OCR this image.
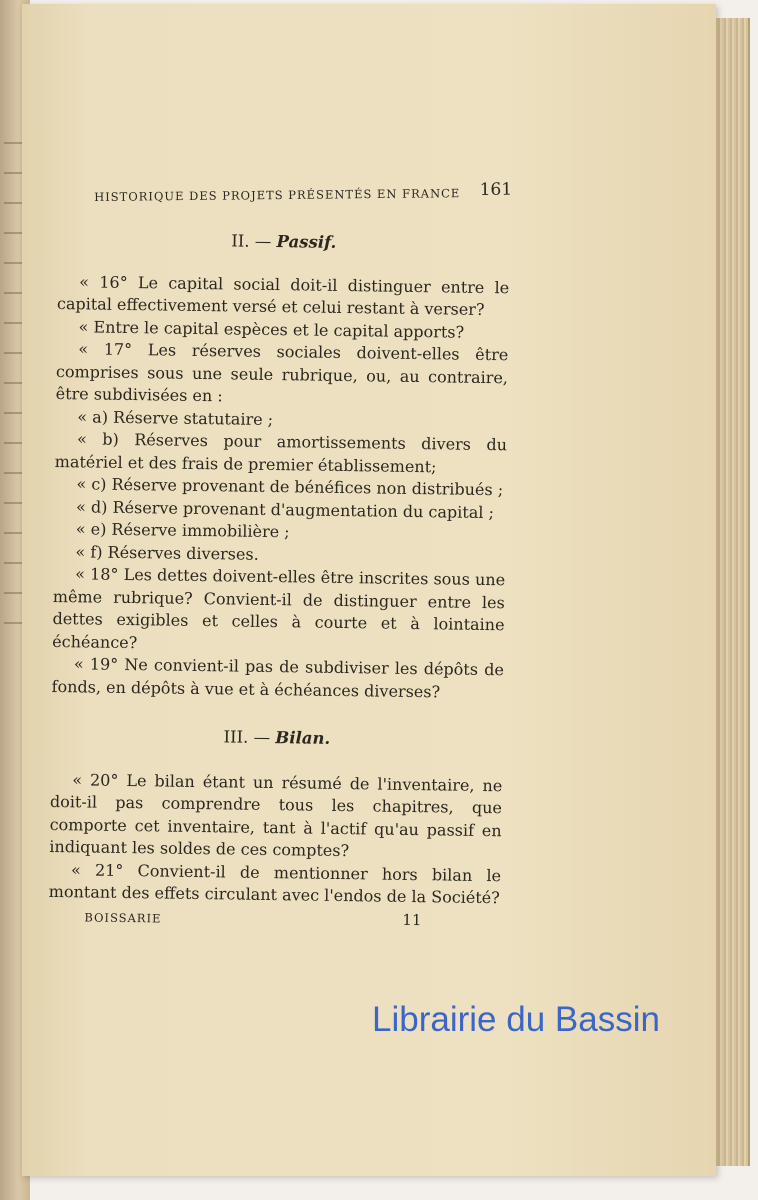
HISTORIQUE DES PROJETS PRÉSENTÉS EN FRANCE 161
II. — Passif.

« 16° Le capital social doit-il distinguer entre le capital effectivement versé et celui restant à verser?

« Entre le capital espèces et le capital apports?

« 17° Les réserves sociales doivent-elles être comprises sous une seule rubrique, ou, au contraire, être subdivisées en :

« a) Réserve statutaire ;

« b) Réserves pour amortissements divers du matériel et des frais de premier établissement;

« c) Réserve provenant de bénéfices non distribués ;

« d) Réserve provenant d'augmentation du capital ;

« e) Réserve immobilière ;

« f) Réserves diverses.

« 18° Les dettes doivent-elles être inscrites sous une même rubrique? Convient-il de distinguer entre les dettes exigibles et celles à courte et à lointaine échéance?

« 19° Ne convient-il pas de subdiviser les dépôts de fonds, en dépôts à vue et à échéances diverses?

III. — Bilan.

« 20° Le bilan étant un résumé de l'inventaire, ne doit-il pas comprendre tous les chapitres, que comporte cet inventaire, tant à l'actif qu'au passif en indiquant les soldes de ces comptes?

« 21° Convient-il de mentionner hors bilan le montant des effets circulant avec l'endos de la Société?

BOISSARIE	11
Librairie du Bassin
